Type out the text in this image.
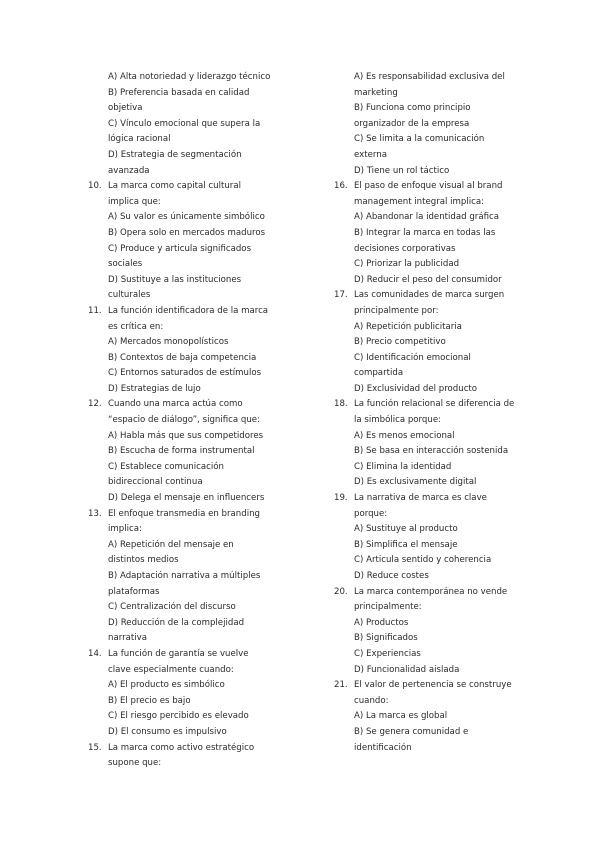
A) Alta notoriedad y liderazgo técnico
B) Preferencia basada en calidad
objetiva
C) Vínculo emocional que supera la
lógica racional
D) Estrategia de segmentación
avanzada
10. La marca como capital cultural
implica que:
A) Su valor es únicamente simbólico
B) Opera solo en mercados maduros
C) Produce y articula significados
sociales
D) Sustituye a las instituciones
culturales
11. La función identificadora de la marca
es crítica en:
A) Mercados monopolísticos
B) Contextos de baja competencia
C) Entornos saturados de estímulos
D) Estrategias de lujo
12. Cuando una marca actúa como
“espacio de diálogo”, significa que:
A) Habla más que sus competidores
B) Escucha de forma instrumental
C) Establece comunicación
bidireccional continua
D) Delega el mensaje en influencers
13. El enfoque transmedia en branding
implica:
A) Repetición del mensaje en
distintos medios
B) Adaptación narrativa a múltiples
plataformas
C) Centralización del discurso
D) Reducción de la complejidad
narrativa
14. La función de garantía se vuelve
clave especialmente cuando:
A) El producto es simbólico
B) El precio es bajo
C) El riesgo percibido es elevado
D) El consumo es impulsivo
15. La marca como activo estratégico
supone que:
A) Es responsabilidad exclusiva del
marketing
B) Funciona como principio
organizador de la empresa
C) Se limita a la comunicación
externa
D) Tiene un rol táctico
16. El paso de enfoque visual al brand
management integral implica:
A) Abandonar la identidad gráfica
B) Integrar la marca en todas las
decisiones corporativas
C) Priorizar la publicidad
D) Reducir el peso del consumidor
17. Las comunidades de marca surgen
principalmente por:
A) Repetición publicitaria
B) Precio competitivo
C) Identificación emocional
compartida
D) Exclusividad del producto
18. La función relacional se diferencia de
la simbólica porque:
A) Es menos emocional
B) Se basa en interacción sostenida
C) Elimina la identidad
D) Es exclusivamente digital
19. La narrativa de marca es clave
porque:
A) Sustituye al producto
B) Simplifica el mensaje
C) Articula sentido y coherencia
D) Reduce costes
20. La marca contemporánea no vende
principalmente:
A) Productos
B) Significados
C) Experiencias
D) Funcionalidad aislada
21. El valor de pertenencia se construye
cuando:
A) La marca es global
B) Se genera comunidad e
identificación
